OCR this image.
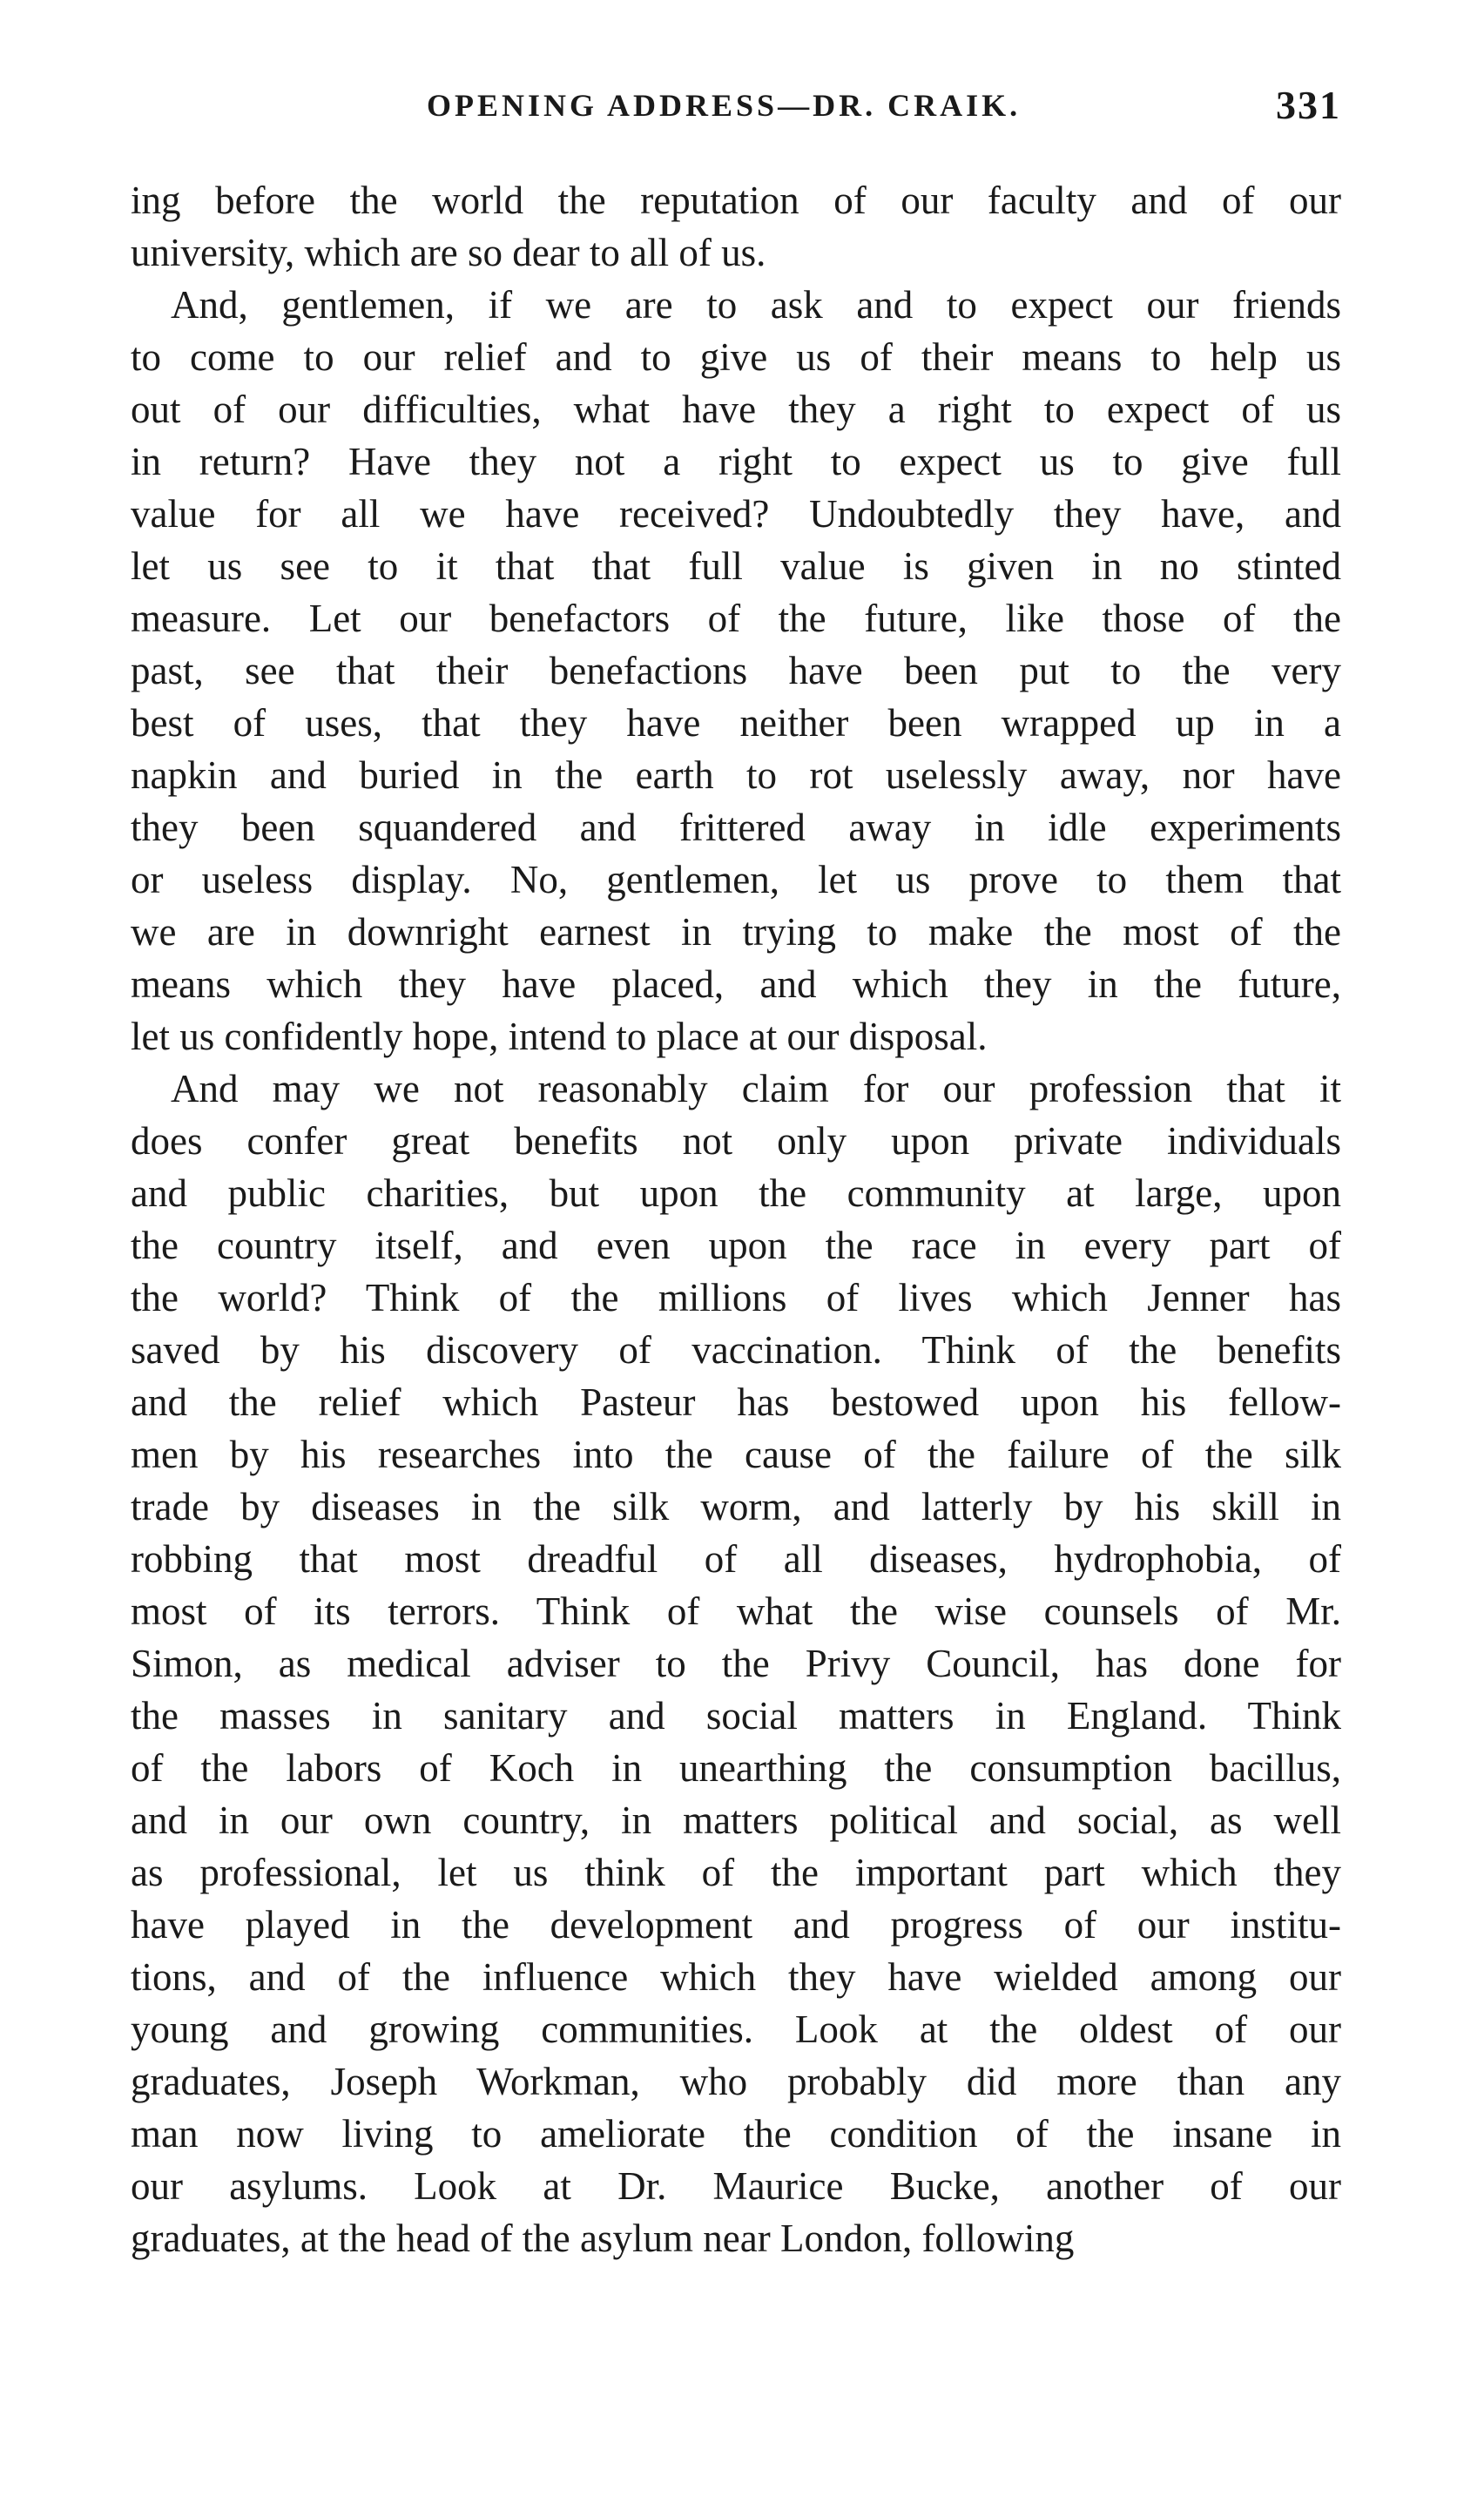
OPENING ADDRESS—DR. CRAIK.	331
ing before the world the reputation of our faculty and of our
university, which are so dear to all of us.
And, gentlemen, if we are to ask and to expect our friends
to come to our relief and to give us of their means to help us
out of our difficulties, what have they a right to expect of us
in return? Have they not a right to expect us to give full
value for all we have received? Undoubtedly they have, and
let us see to it that that full value is given in no stinted
measure. Let our benefactors of the future, like those of the
past, see that their benefactions have been put to the very
best of uses, that they have neither been wrapped up in a
napkin and buried in the earth to rot uselessly away, nor have
they been squandered and frittered away in idle experiments
or useless display. No, gentlemen, let us prove to them that
we are in downright earnest in trying to make the most of the
means which they have placed, and which they in the future,
let us confidently hope, intend to place at our disposal.
And may we not reasonably claim for our profession that it
does confer great benefits not only upon private individuals
and public charities, but upon the community at large, upon
the country itself, and even upon the race in every part of
the world? Think of the millions of lives which Jenner has
saved by his discovery of vaccination. Think of the benefits
and the relief which Pasteur has bestowed upon his fellow-
men by his researches into the cause of the failure of the silk
trade by diseases in the silk worm, and latterly by his skill in
robbing that most dreadful of all diseases, hydrophobia, of
most of its terrors. Think of what the wise counsels of Mr.
Simon, as medical adviser to the Privy Council, has done for
the masses in sanitary and social matters in England. Think
of the labors of Koch in unearthing the consumption bacillus,
and in our own country, in matters political and social, as well
as professional, let us think of the important part which they
have played in the development and progress of our institu-
tions, and of the influence which they have wielded among our
young and growing communities. Look at the oldest of our
graduates, Joseph Workman, who probably did more than any
man now living to ameliorate the condition of the insane in
our asylums. Look at Dr. Maurice Bucke, another of our
graduates, at the head of the asylum near London, following
